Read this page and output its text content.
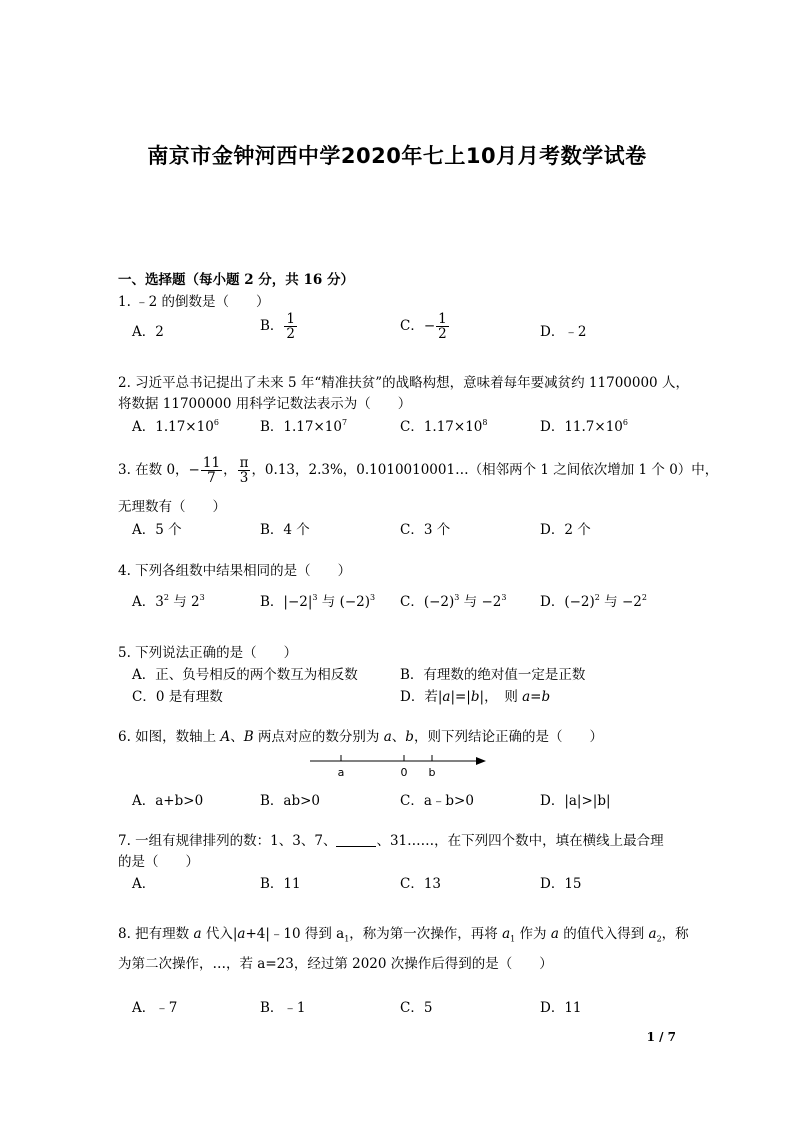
南京市金钟河西中学2020年七上10月月考数学试卷
一、选择题（每小题 2 分，共 16 分）
1. ﹣2 的倒数是（　　）
A．2	B． $\frac{1}{2}$	C．− $\frac{1}{2}$	D．﹣2
2. 习近平总书记提出了未来 5 年“精准扶贫”的战略构想，意味着每年要减贫约 11700000 人，
将数据 11700000 用科学记数法表示为（　　）
A．$1.17\times 10^6$	B．$1.17\times 10^7$	C．$1.17\times 10^8$	D．$11.7\times 10^6$
3. 在数 0，− $\frac{11}{7}$ ， $\frac{\pi}{3}$ ，0.13，2.3%，0.1010010001…（相邻两个 1 之间依次增加 1 个 0）中，
无理数有（　　）
A．5 个	B．4 个	C．3 个	D．2 个
4. 下列各组数中结果相同的是（　　）
A．$3^2$ 与 $2^3$	B．$|-2|^3$ 与 $(-2)^3$ C．$(-2)^3$ 与 $-2^3$ D．$(-2)^2$ 与 $-2^2$
5. 下列说法正确的是（　　）
A．正、负号相反的两个数互为相反数	B．有理数的绝对值一定是正数
C．0 是有理数	D．若|a|=|b|，　则 a=b
6. 如图，数轴上 A、B 两点对应的数分别为 a、b，则下列结论正确的是（　　）
a	0 b
A．a+b>0	B．ab>0	C．a﹣b>0	D．|a|>|b|
7. 一组有规律排列的数：1、3、7、	、31……，在下列四个数中，填在横线上最合理
的是（　　）
A．	B．11	C．13	D．15
8. 把有理数 a 代入|a+4|﹣10 得到 $a_1$，称为第一次操作，再将 $a_1$ 作为 a 的值代入得到 $a_2$，称
为第二次操作，…，若 a=23，经过第 2020 次操作后得到的是（　　）
A．﹣7	B．﹣1	C．5	D．11
1 / 7
